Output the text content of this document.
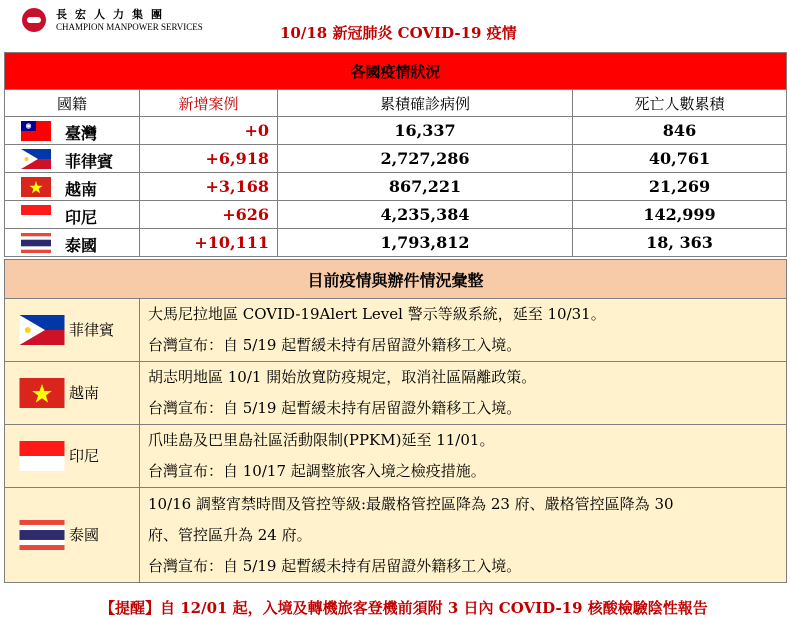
長宏人力集團
CHAMPION MANPOWER SERVICES	10/18 新冠肺炎 COVID-19 疫情
各國疫情狀況			
國籍	新增案例	累積確診病例	死亡人數累積

臺灣	+0	16,337	846

菲律賓	+6,918	2,727,286	40,761

越南	+3,168	867,221	21,269

印尼	+626	4,235,384	142,999

泰國	+10,111	1,793,812	18, 363
目前疫情與辦件情況彙整	

菲律賓	大馬尼拉地區 COVID-19Alert Level 警示等級系統，延至 10/31。
台灣宣布：自 5/19 起暫緩未持有居留證外籍移工入境。

越南	胡志明地區 10/1 開始放寬防疫規定，取消社區隔離政策。
台灣宣布：自 5/19 起暫緩未持有居留證外籍移工入境。

印尼	爪哇島及巴里島社區活動限制(PPKM)延至 11/01。
台灣宣布：自 10/17 起調整旅客入境之檢疫措施。

泰國	10/16 調整宵禁時間及管控等級:最嚴格管控區降為 23 府、嚴格管控區降為 30
府、管控區升為 24 府。
台灣宣布：自 5/19 起暫緩未持有居留證外籍移工入境。
【提醒】自 12/01 起，入境及轉機旅客登機前須附 3 日內 COVID-19 核酸檢驗陰性報告
